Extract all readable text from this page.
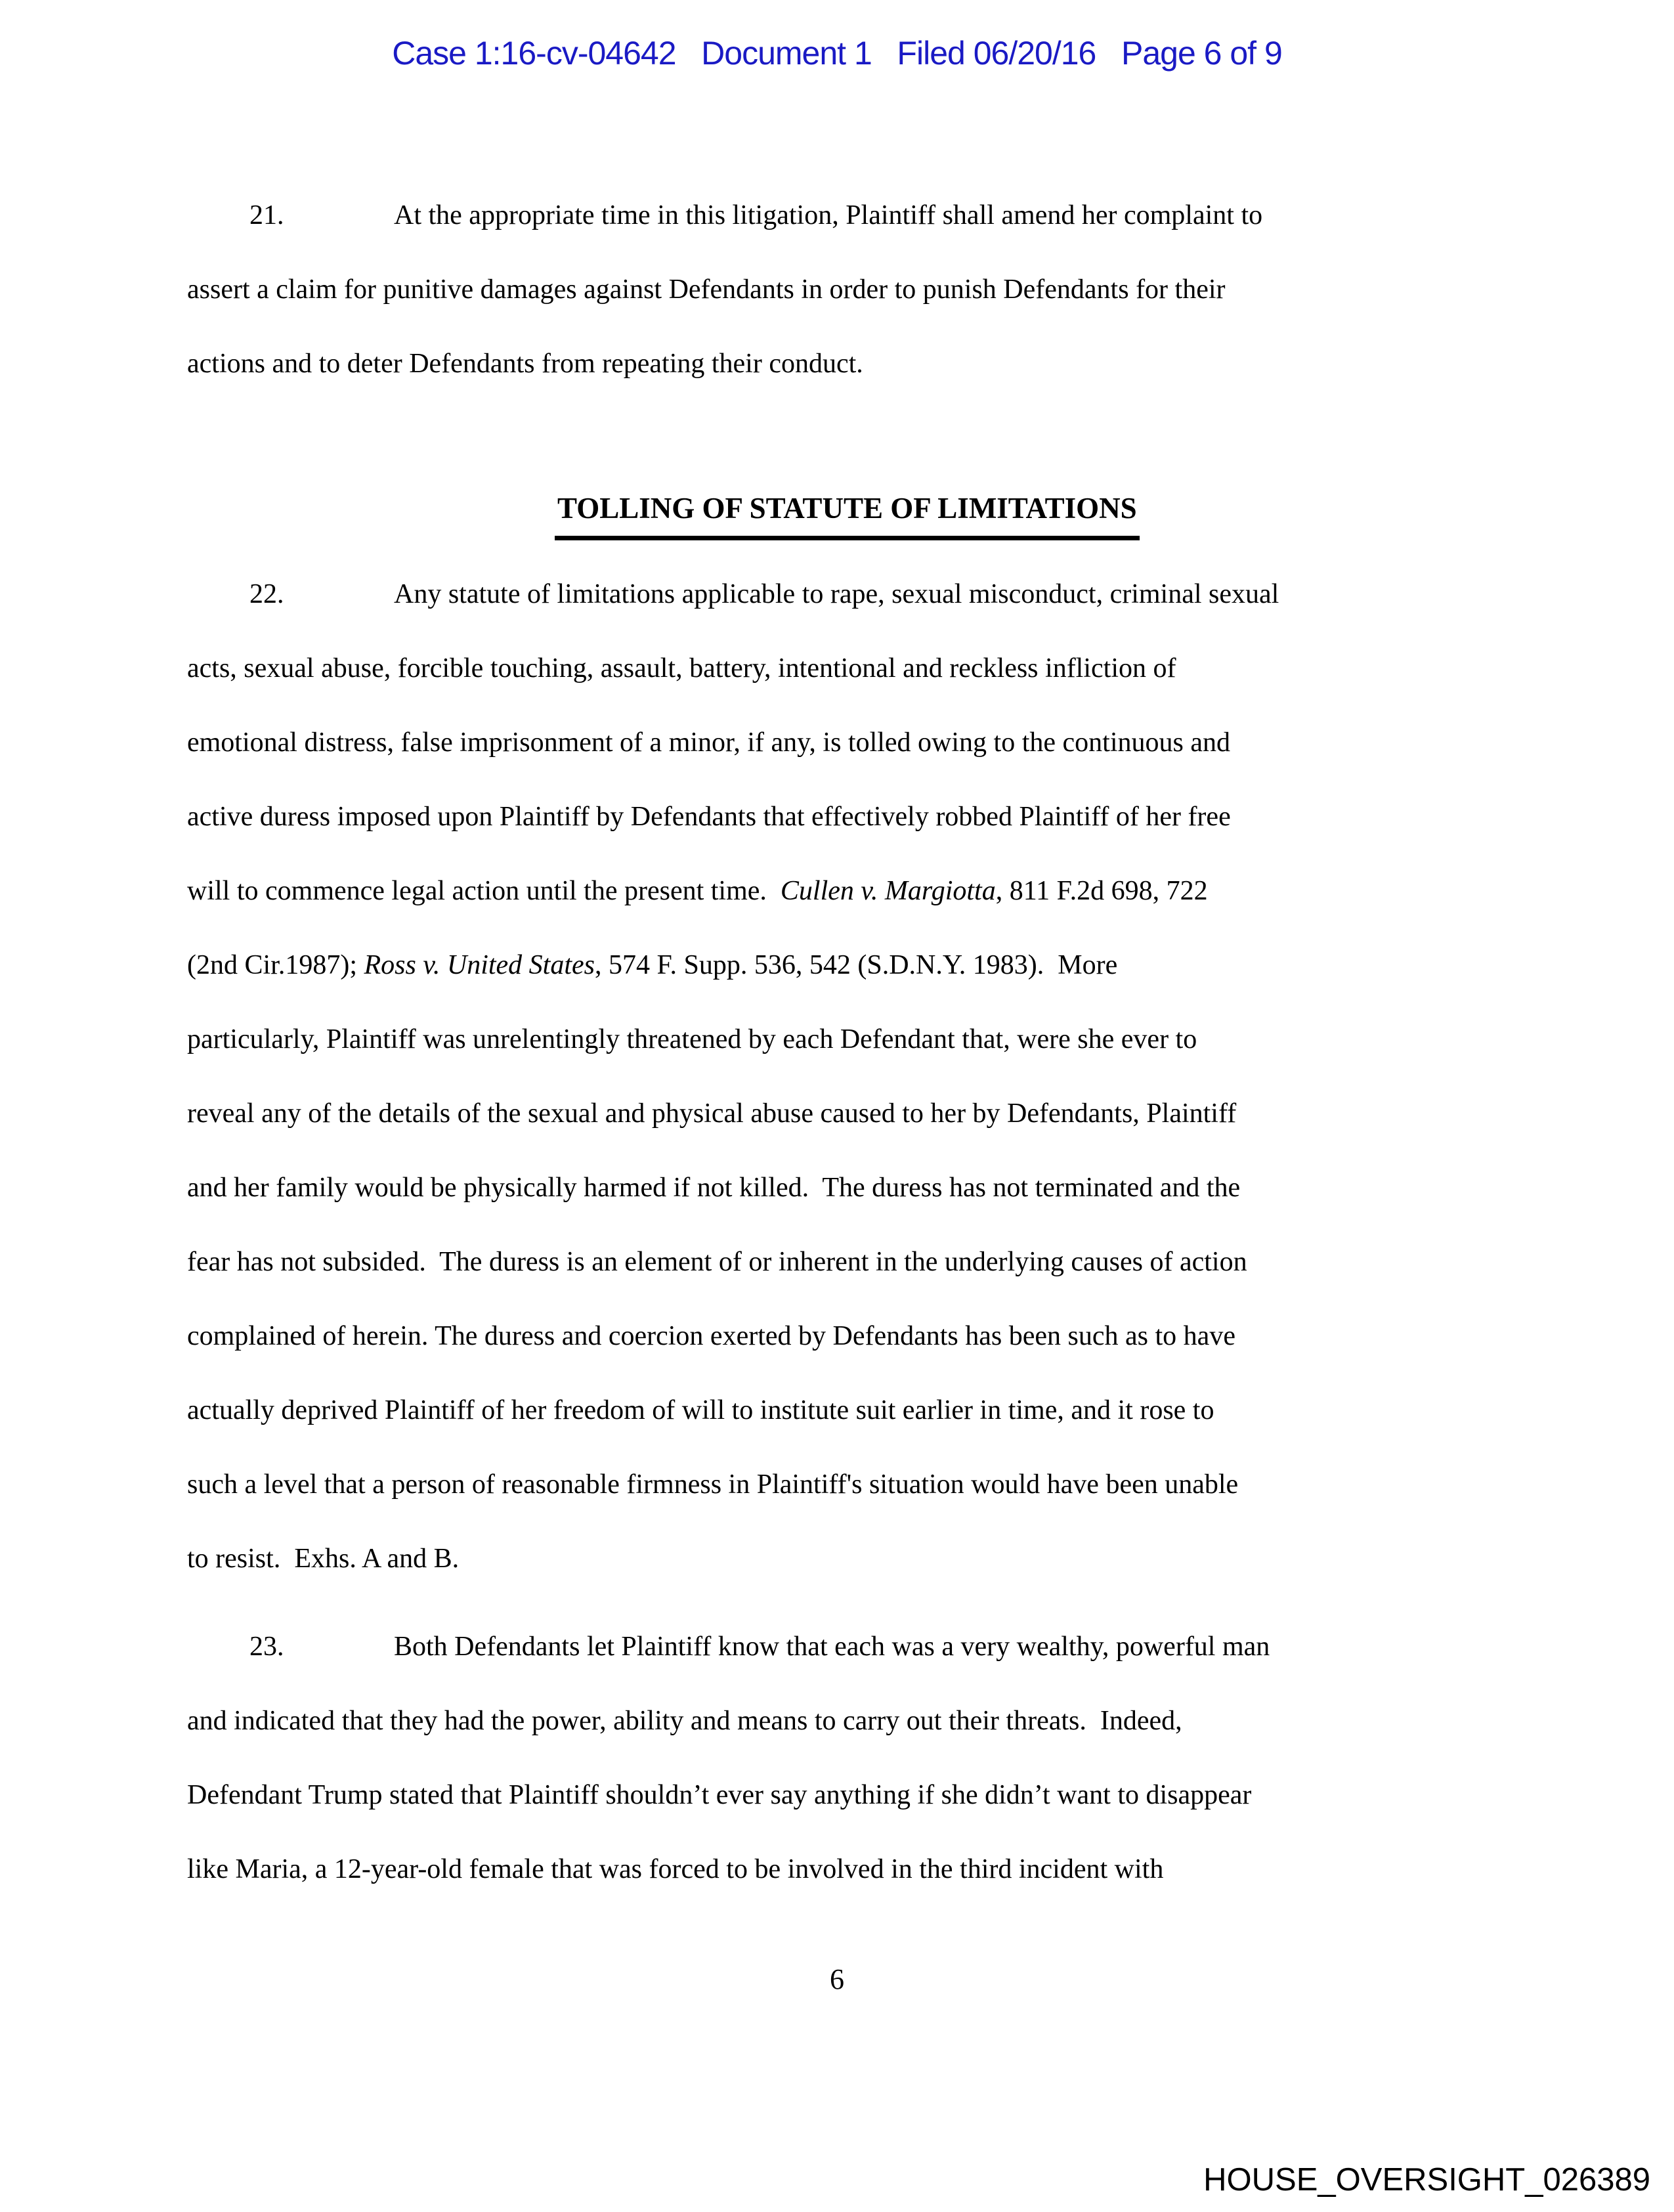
Case 1:16-cv-04642   Document 1   Filed 06/20/16   Page 6 of 9
21.	At the appropriate time in this litigation, Plaintiff shall amend her complaint to
assert a claim for punitive damages against Defendants in order to punish Defendants for their
actions and to deter Defendants from repeating their conduct.
TOLLING OF STATUTE OF LIMITATIONS
22.	Any statute of limitations applicable to rape, sexual misconduct, criminal sexual
acts, sexual abuse, forcible touching, assault, battery, intentional and reckless infliction of
emotional distress, false imprisonment of a minor, if any, is tolled owing to the continuous and
active duress imposed upon Plaintiff by Defendants that effectively robbed Plaintiff of her free
will to commence legal action until the present time.  Cullen v. Margiotta, 811 F.2d 698, 722
(2nd Cir.1987); Ross v. United States, 574 F. Supp. 536, 542 (S.D.N.Y. 1983).  More
particularly, Plaintiff was unrelentingly threatened by each Defendant that, were she ever to
reveal any of the details of the sexual and physical abuse caused to her by Defendants, Plaintiff
and her family would be physically harmed if not killed.  The duress has not terminated and the
fear has not subsided.  The duress is an element of or inherent in the underlying causes of action
complained of herein. The duress and coercion exerted by Defendants has been such as to have
actually deprived Plaintiff of her freedom of will to institute suit earlier in time, and it rose to
such a level that a person of reasonable firmness in Plaintiff's situation would have been unable
to resist.  Exhs. A and B.
23.	Both Defendants let Plaintiff know that each was a very wealthy, powerful man
and indicated that they had the power, ability and means to carry out their threats.  Indeed,
Defendant Trump stated that Plaintiff shouldn’t ever say anything if she didn’t want to disappear
like Maria, a 12-year-old female that was forced to be involved in the third incident with
6
HOUSE_OVERSIGHT_026389
